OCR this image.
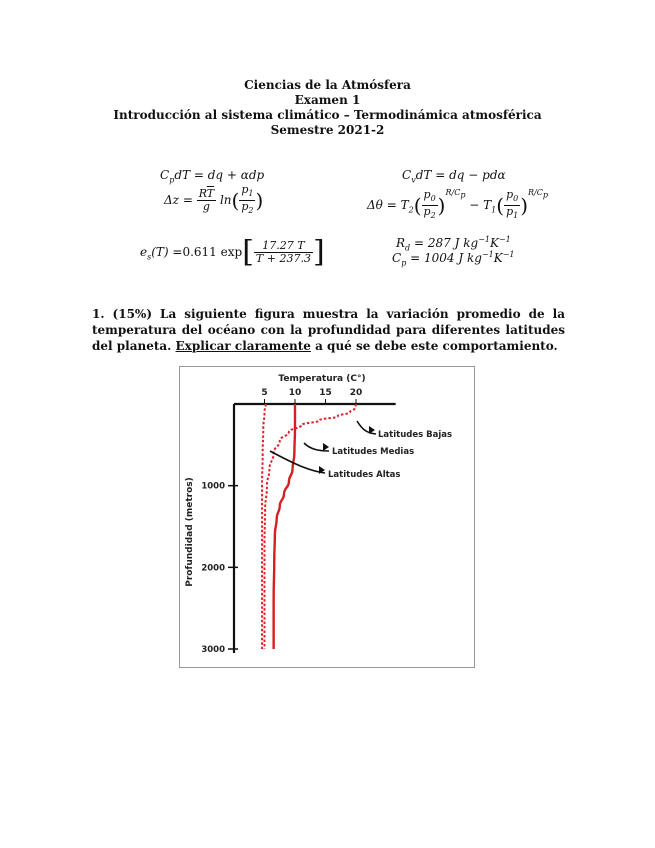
Ciencias de la Atmósfera
Examen 1
Introducción al sistema climático – Termodinámica atmosférica
Semestre 2021-2
$C_pdT$ = dq + αdp
$\Delta z = \frac{R\overline{T}}{g} \ln( \frac{p_1}{p_2}$ )
$C_vdT$ = dq − pdα
$\Delta\theta = T_2( \frac{p_0}{p_2} )^{R/C_p} - T_1( \frac{p_0}{p_1} )^{R/C_p}$
$e_s(T) =0.611$ $\exp[ \frac{17.27 T}{T + 237.3}$ ]	$R_d = 287$ J $kg^{-1}K^{-1}$
$C_p = 1004$ J $kg^{-1}K^{-1}$
1. (15%) La siguiente figura muestra la variación promedio de la temperatura del océano con la profundidad para diferentes latitudes del planeta. Explicar claramente a qué se debe este comportamiento.
Temperatura (C°)
Profundidad (metros)
5 10 15 20
1000
2000
3000
Latitudes Bajas
Latitudes Medias
Latitudes Altas
